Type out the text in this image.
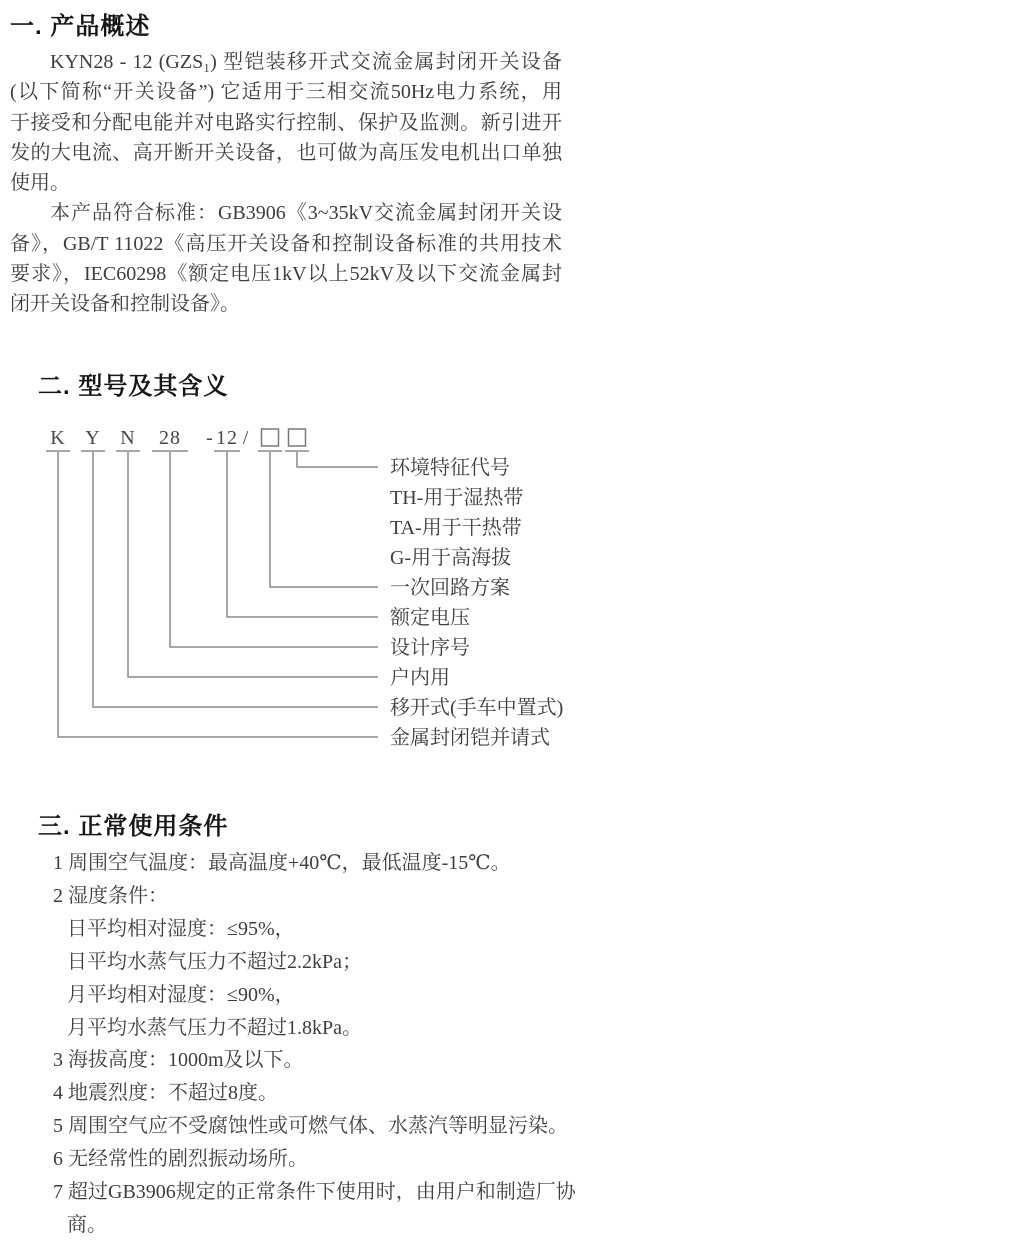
一. 产品概述
KYN28 - 12 (GZS₁) 型铠装移开式交流金属封闭开关设备
(以下简称“开关设备”) 它适用于三相交流50Hz电力系统，用
于接受和分配电能并对电路实行控制、保护及监测。新引进开
发的大电流、高开断开关设备，也可做为高压发电机出口单独
使用。
本产品符合标准：GB3906《3~35kV交流金属封闭开关设
备》，GB/T 11022《高压开关设备和控制设备标准的共用技术
要求》，IEC60298《额定电压1kV以上52kV及以下交流金属封
闭开关设备和控制设备》。
二. 型号及其含义
K Y N 28 - 12 /
环境特征代号
TH-用于湿热带
TA-用于干热带
G-用于高海拔
一次回路方案
额定电压
设计序号
户内用
移开式(手车中置式)
金属封闭铠并请式
三. 正常使用条件
1 周围空气温度：最高温度+40℃，最低温度-15℃。
2 湿度条件：
日平均相对湿度：≤95%，
日平均水蒸气压力不超过2.2kPa；
月平均相对湿度：≤90%，
月平均水蒸气压力不超过1.8kPa。
3 海拔高度：1000m及以下。
4 地震烈度：不超过8度。
5 周围空气应不受腐蚀性或可燃气体、水蒸汽等明显污染。
6 无经常性的剧烈振动场所。
7 超过GB3906规定的正常条件下使用时，由用户和制造厂协商。
